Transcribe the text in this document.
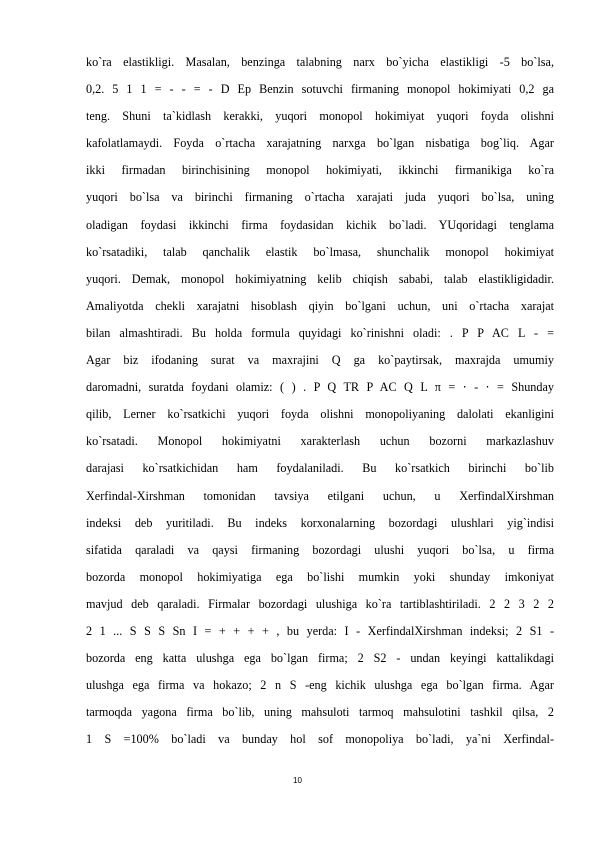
ko`ra elastikligi. Masalan, benzinga talabning narx bo`yicha elastikligi -5 bo`lsa,
0,2. 5 1 1 = - - = - D Ep Benzin sotuvchi firmaning monopol hokimiyati 0,2 ga
teng. Shuni ta`kidlash kerakki, yuqori monopol hokimiyat yuqori foyda olishni
kafolatlamaydi. Foyda o`rtacha xarajatning narxga bo`lgan nisbatiga bog`liq. Agar
ikki firmadan birinchisining monopol hokimiyati, ikkinchi firmanikiga ko`ra
yuqori bo`lsa va birinchi firmaning o`rtacha xarajati juda yuqori bo`lsa, uning
oladigan foydasi ikkinchi firma foydasidan kichik bo`ladi. YUqoridagi tenglama
ko`rsatadiki, talab qanchalik elastik bo`lmasa, shunchalik monopol hokimiyat
yuqori. Demak, monopol hokimiyatning kelib chiqish sababi, talab elastikligidadir.
Amaliyotda chekli xarajatni hisoblash qiyin bo`lgani uchun, uni o`rtacha xarajat
bilan almashtiradi. Bu holda formula quyidagi ko`rinishni oladi: . P P AC L - =
Agar biz ifodaning surat va maxrajini Q ga ko`paytirsak, maxrajda umumiy
daromadni, suratda foydani olamiz: ( ) . P Q TR P AC Q L π = ⋅ - ⋅ = Shunday
qilib, Lerner ko`rsatkichi yuqori foyda olishni monopoliyaning dalolati ekanligini
ko`rsatadi. Monopol hokimiyatni xarakterlash uchun bozorni markazlashuv
darajasi ko`rsatkichidan ham foydalaniladi. Bu ko`rsatkich birinchi bo`lib
Xerfindal-Xirshman tomonidan tavsiya etilgani uchun, u XerfindalXirshman
indeksi deb yuritiladi. Bu indeks korxonalarning bozordagi ulushlari yig`indisi
sifatida qaraladi va qaysi firmaning bozordagi ulushi yuqori bo`lsa, u firma
bozorda monopol hokimiyatiga ega bo`lishi mumkin yoki shunday imkoniyat
mavjud deb qaraladi. Firmalar bozordagi ulushiga ko`ra tartiblashtiriladi. 2 2 3 2 2
2 1 ... S S S Sn I = + + + + , bu yerda: I - XerfindalXirshman indeksi; 2 S1 -
bozorda eng katta ulushga ega bo`lgan firma; 2 S2 - undan keyingi kattalikdagi
ulushga ega firma va hokazo; 2 n S -eng kichik ulushga ega bo`lgan firma. Agar
tarmoqda yagona firma bo`lib, uning mahsuloti tarmoq mahsulotini tashkil qilsa, 2
1 S =100% bo`ladi va bunday hol sof monopoliya bo`ladi, ya`ni Xerfindal-
10
